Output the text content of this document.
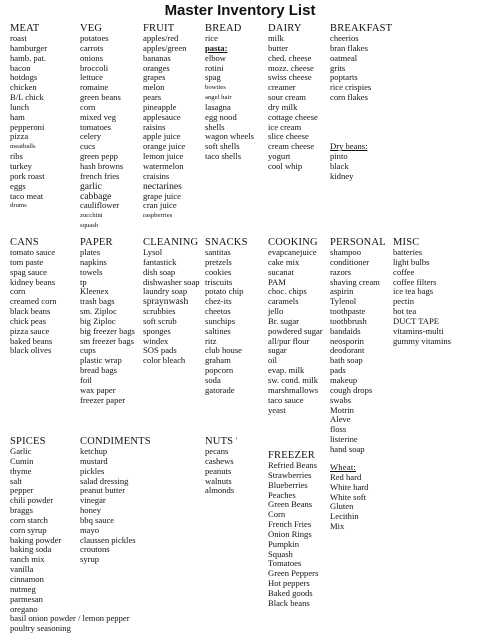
Master Inventory List
MEAT
roast
hamburger
hamb. pat.
bacon
hotdogs
chicken
B/L chick
lunch
ham
pepperoni
pizza
meatballs
ribs
turkey
pork roast
eggs
taco meat
drums
VEG
potatoes
carrots
onions
broccoli
lettuce
romaine
green beans
corn
mixed veg
tomatoes
celery
cucs
green pepp
hash browns
french fries
garlic
cabbage
cauliflower
zucchini
squash
FRUIT
apples/red
apples/green
bananas
oranges
grapes
melon
pears
pineapple
applesauce
raisins
apple juice
orange juice
lemon juice
watermelon
craisins
nectarines
grape juice
cran juice
raspberries
BREAD
rice
pasta:
elbow
rotini
spag
bowties
angel hair
lasagna
egg nood
shells
wagon wheels
soft shells
taco shells
DAIRY
milk
butter
ched. cheese
mozz. cheese
swiss cheese
creamer
sour cream
dry milk
cottage cheese
ice cream
slice cheese
cream cheese
yogurt
cool whip
BREAKFAST
cheerios
bran flakes
oatmeal
grits
poptarts
rice crispies
corn flakes
Dry beans:
pinto
black
kidney
CANS
tomato sauce
tom paste
spag sauce
kidney beans
corn
creamed corn
black beans
chick peas
pizza sauce
baked beans
black olives
PAPER
plates
napkins
towels
tp
Kleenex
trash bags
sm. Ziploc
big Ziploc
big freezer bags
sm freezer bags
cups
plastic wrap
bread bags
foil
wax paper
freezer paper
CLEANING
Lysol
fantastick
dish soap
dishwasher soap
laundry soap
spraynwash
scrubbies
soft scrub
sponges
windex
SOS pads
color bleach
SNACKS
santitas
pretzels
cookies
triscuits
potato chip
chez-its
cheetos
sunchips
saltines
ritz
club house
graham
popcorn
soda
gatorade
COOKING
evapcanejuice
cake mix
sucanat
PAM
choc. chips
caramels
jello
Br. sugar
powdered sugar
all/pur flour
sugar
oil
evap. milk
sw. cond. milk
marshmallows
taco sauce
yeast
PERSONAL
shampoo
conditioner
razors
shaving cream
aspirin
Tylenol
toothpaste
toothbrush
bandaids
neosporin
deodorant
bath soap
pads
makeup
cough drops
swabs
Motrin
Aleve
floss
listerine
hand soap
MISC
batteries
light bulbs
coffee
coffee filters
ice tea bags
pectin
hot tea
DUCT TAPE
vitamins-multi
gummy vitamins
SPICES
Garlic
Cumin
thyme
salt
pepper
chili powder
braggs
corn starch
corn syrup
baking powder
baking soda
ranch mix
vanilla
cinnamon
nutmeg
parmesan
oregano
basil onion powder / lemon pepper
poultry seasoning
CONDIMENTS
ketchup
mustard
pickles
salad dressing
peanut butter
vinegar
honey
bbq sauce
mayo
claussen pickles
croutons
syrup
NUTS
pecans
cashews
peanuts
walnuts
almonds
FREEZER
Refried Beans
Strawberries
Blueberries
Peaches
Green Beans
Corn
French Fries
Onion Rings
Pumpkin
Squash
Tomatoes
Green Peppers
Hot peppers
Baked goods
Black beans
Wheat:
Red hard
White hard
White soft
Gluten
Lecithin
Mix
'
